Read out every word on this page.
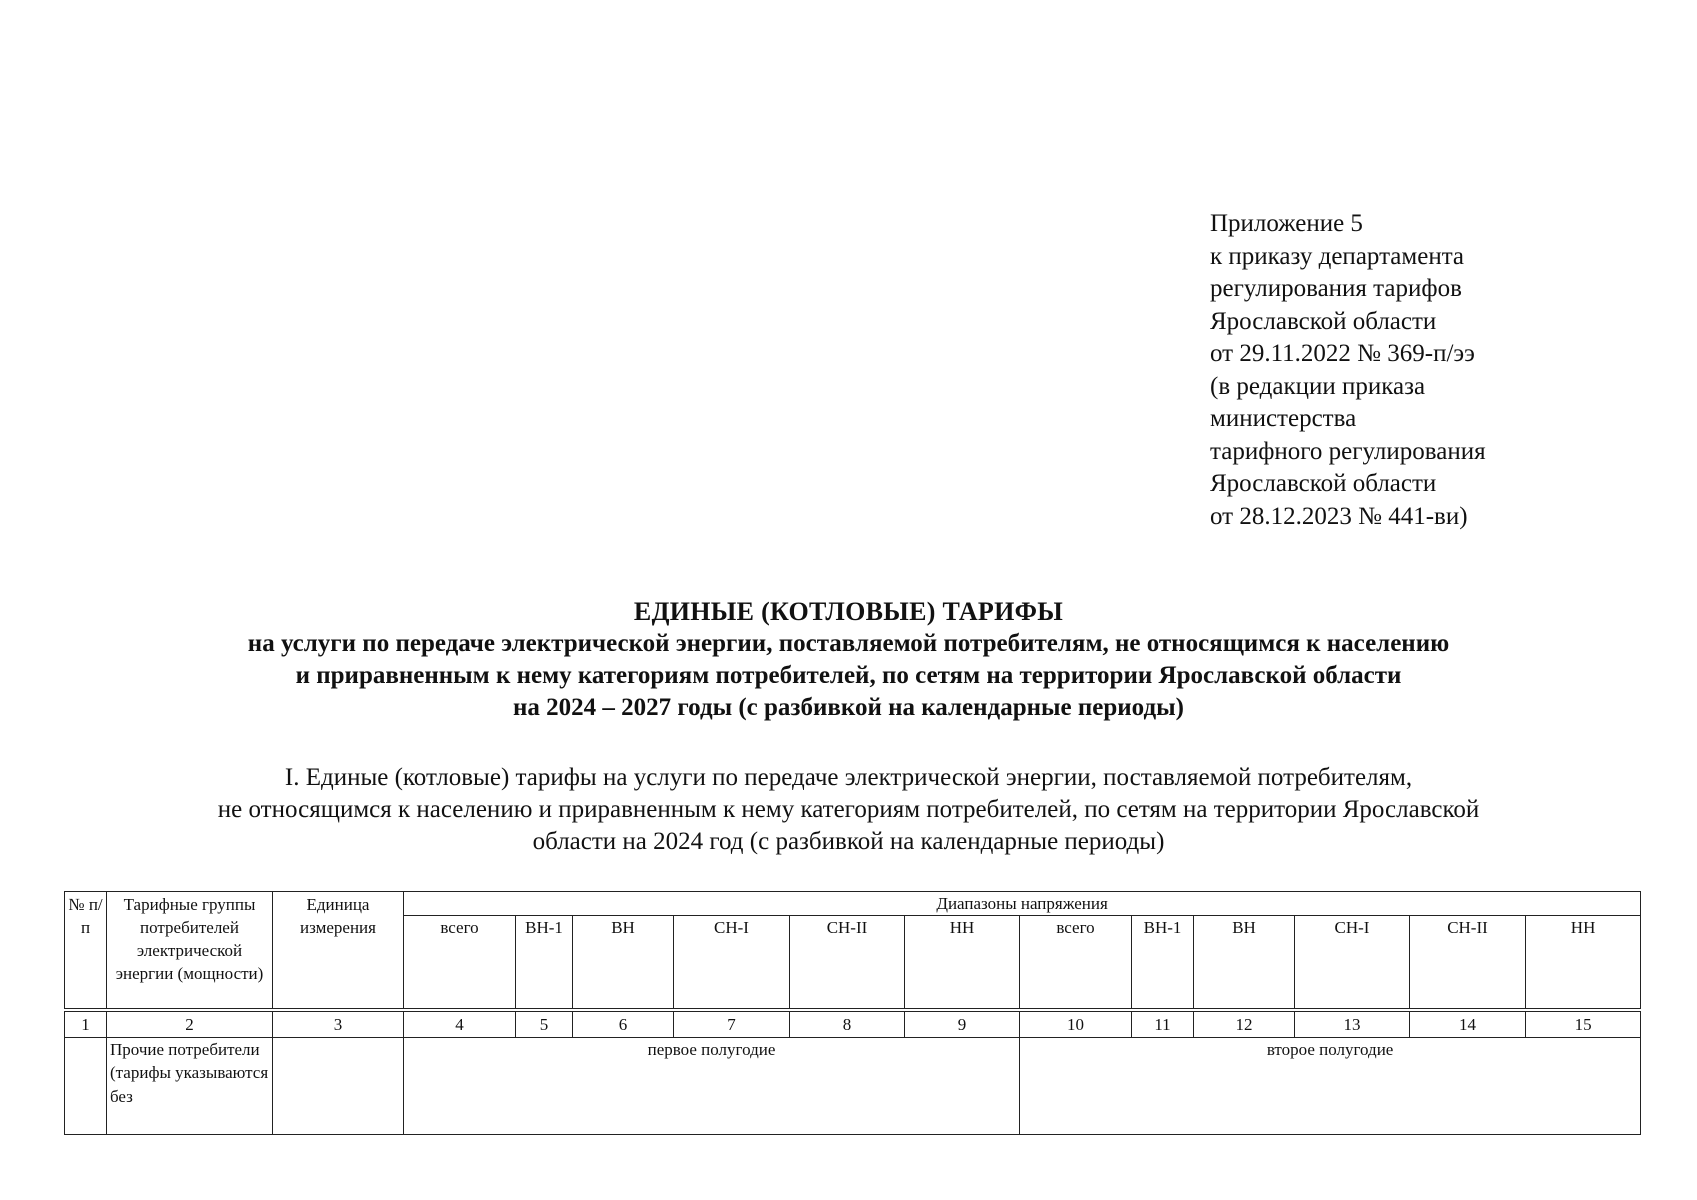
Приложение 5
к приказу департамента
регулирования тарифов
Ярославской области
от 29.11.2022 № 369-п/ээ
(в редакции приказа
министерства
тарифного регулирования
Ярославской области
от 28.12.2023 № 441-ви)
ЕДИНЫЕ (КОТЛОВЫЕ) ТАРИФЫ
на услуги по передаче электрической энергии, поставляемой потребителям, не относящимся к населению
и приравненным к нему категориям потребителей, по сетям на территории Ярославской области
на 2024 – 2027 годы (с разбивкой на календарные периоды)
I. Единые (котловые) тарифы на услуги по передаче электрической энергии, поставляемой потребителям,
не относящимся к населению и приравненным к нему категориям потребителей, по сетям на территории Ярославской
области на 2024 год (с разбивкой на календарные периоды)
№ п/п	Тарифные группы потребителей электрической энергии (мощности)	Единица измерения	Диапазоны напряжения											
			всего	ВН-1	ВН	СН-I	СН-II	НН	всего	ВН-1	ВН	СН-I	СН-II	НН
1	2	3	4	5	6	7	8	9	10	11	12	13	14	15
	Прочие потребители (тарифы указываются без		первое полугодие						второе полугодие					
